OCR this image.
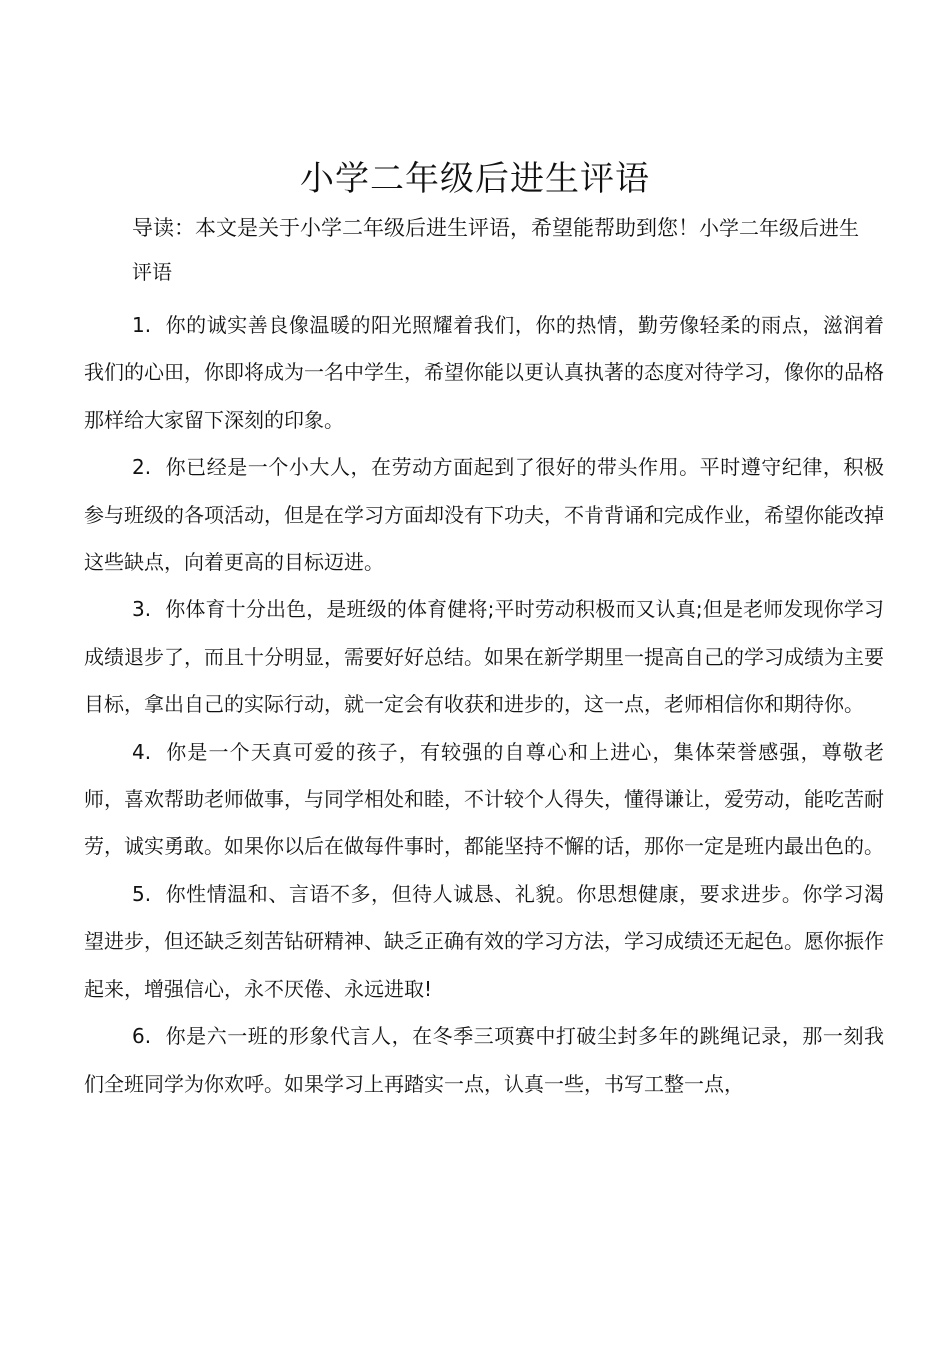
小学二年级后进生评语
导读：本文是关于小学二年级后进生评语，希望能帮助到您！小学二年级后进生评语

1. 你的诚实善良像温暖的阳光照耀着我们，你的热情，勤劳像轻柔的雨点，滋润着我们的心田，你即将成为一名中学生，希望你能以更认真执著的态度对待学习，像你的品格那样给大家留下深刻的印象。

2. 你已经是一个小大人，在劳动方面起到了很好的带头作用。平时遵守纪律，积极参与班级的各项活动，但是在学习方面却没有下功夫，不肯背诵和完成作业，希望你能改掉这些缺点，向着更高的目标迈进。

3. 你体育十分出色，是班级的体育健将;平时劳动积极而又认真;但是老师发现你学习成绩退步了，而且十分明显，需要好好总结。如果在新学期里一提高自己的学习成绩为主要目标，拿出自己的实际行动，就一定会有收获和进步的，这一点，老师相信你和期待你。

4. 你是一个天真可爱的孩子，有较强的自尊心和上进心，集体荣誉感强，尊敬老师，喜欢帮助老师做事，与同学相处和睦，不计较个人得失，懂得谦让，爱劳动，能吃苦耐劳，诚实勇敢。如果你以后在做每件事时，都能坚持不懈的话，那你一定是班内最出色的。

5. 你性情温和、言语不多，但待人诚恳、礼貌。你思想健康，要求进步。你学习渴望进步，但还缺乏刻苦钻研精神、缺乏正确有效的学习方法，学习成绩还无起色。愿你振作起来，增强信心，永不厌倦、永远进取!

6. 你是六一班的形象代言人，在冬季三项赛中打破尘封多年的跳绳记录，那一刻我们全班同学为你欢呼。如果学习上再踏实一点，认真一些，书写工整一点，
